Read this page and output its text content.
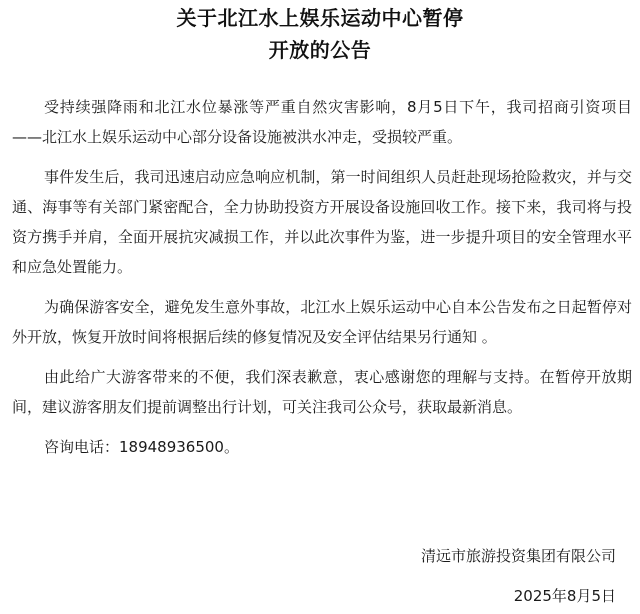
关于北江水上娱乐运动中心暂停
开放的公告

受持续强降雨和北江水位暴涨等严重自然灾害影响，8月5日下午，我司招商引资项目——北江水上娱乐运动中心部分设备设施被洪水冲走，受损较严重。

事件发生后，我司迅速启动应急响应机制，第一时间组织人员赶赴现场抢险救灾，并与交通、海事等有关部门紧密配合，全力协助投资方开展设备设施回收工作。接下来，我司将与投资方携手并肩，全面开展抗灾减损工作，并以此次事件为鉴，进一步提升项目的安全管理水平和应急处置能力。

为确保游客安全，避免发生意外事故，北江水上娱乐运动中心自本公告发布之日起暂停对外开放，恢复开放时间将根据后续的修复情况及安全评估结果另行通知 。

由此给广大游客带来的不便，我们深表歉意，衷心感谢您的理解与支持。在暂停开放期间，建议游客朋友们提前调整出行计划，可关注我司公众号，获取最新消息。

咨询电话：18948936500。

清远市旅游投资集团有限公司
2025年8月5日
